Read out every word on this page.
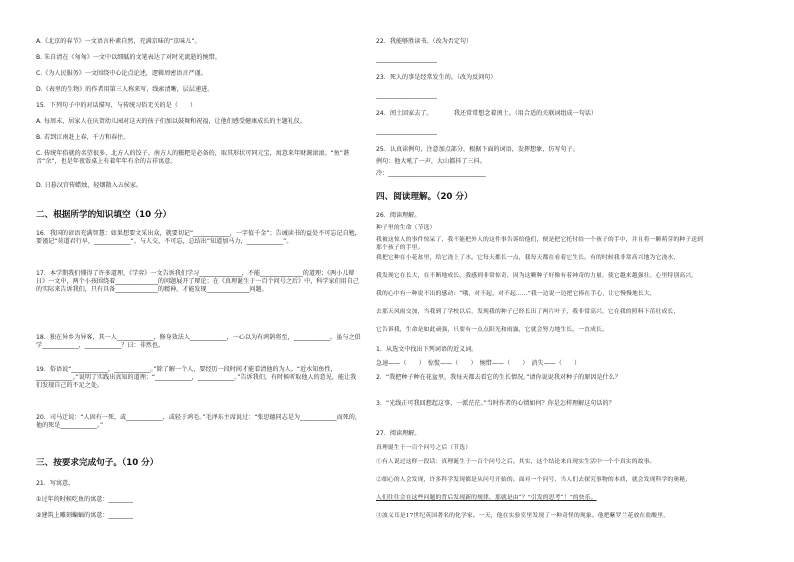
A.《北京的春节》一文语言朴素自然，充满京味的“京味儿”。
B. 朱自清在《匆匆》一文中以细腻的文笔表达了对时光流逝的惋惜。
C.《为人民服务》一文围绕中心论点论述，逻辑周密语言严谨。
D.《表里的生物》的作者用第三人称来写，线索清晰，层层递进。
15．下列句子中的对话描写，与传统习俗无关的是（　　）
A. 每周末，居家人在庆贺幼儿园对这天的孩子们加以鼓舞和祝福，让他们感受健康成长的主题礼仪。
B. 若到江南赶上春，千万和春住。
C. 传统年俗就的名望很多，北方人的饺子、南方人的糍粑是必备的，取其形状可同元宝，寓意来年财源滚滚。“鱼”谐音“余”，也是年夜饭桌上有着年年有余的吉祥寓意。
D. 日暮汉宫传蜡烛，轻烟散入五侯家。
二、根据所学的知识填空（10 分）
16．我国的谚语充满智慧：如果想要文采出众，就要切记“____________，一字值千金”；告诫读书的益处不可忘记自勉，要谨记“莫道君行早，____________”。与人交，不可忘，总结出“知道加马力，____________”。
17．本学期我们懂得了许多道理，《学弈》一文告诉我们学习______________，不能______________的道理；《两小儿辩日》一文中，两个小孩围绕着______________的问题展开了辩论；在《真理诞生于一百个问号之后》中，科学家们用自己的实际来告诉我们，只有具备______________的精神，才能发现______________问题。
18．独在异乡为异客，其一人____________，修身效法人____________，一心以为有鸿鹄将至，____________。虽与之俱学____________，____________？曰：非然也。
19．俗语说“____________，____________。”除了解一个人，要经历一段时间才能看清他的为人。“近水知鱼性，____________。”说明了实践出真知的道理；“____________，____________。”告诉我们，有时候听取他人的意见，能让我们发现自己的不足之处。
20．司马迁说：“人固有一死，或____________，或轻于鸿毛。”毛泽东主席说过：“张思德同志是为____________而死的，他的死是____________。”
三、按要求完成句子。（10 分）
21．写寓意。
①过年的时候吃鱼的寓意：________
②建筑上雕刻蝙蝠的寓意：________
22．我能够胜读书。（改为否定句）
____________________
23．死人的事是经常发生的。（改为反问句）
____________________
24．闰土回家去了。　　　　我还常常想念着闰土。（用合适的关联词组成一句话）
____________________
25．认真读例句，注意加点部分，根据下面的词语，发挥想象，仿写句子。
例句：他大吼了一声，大山都抖了三抖。
冷：________________________________
四、阅读理解。（20 分）
26．阅读理解。
种子里的生命（节选）
我被这惊人的事件惊呆了，我不能把外人的这件事告诉给他们，便是把它托付给一个孩子的手中，并且将一颗萌芽的种子送到那个孩子的手里。
我把它种在小花盆里，给它浇上了水。它每天都长一点，我每天都在看着它生长。有的时候我非常高兴地为它浇水，
我发现它在长大，在不断地成长。我感到非常惊奇，因为这颗种子好像有着神奇的力量，使它越来越强壮。心里特别高兴，
我的心中有一种说不出的感动：“哦，对不起，对不起……”我一边说一边把它捧在手心，让它慢慢地长大，
去那天风雨交加，当我到了学校以后，发现我的种子已经长出了两片叶子，我非常高兴，它在我的照料下茁壮成长，
它告诉我，生命是如此顽强，只要有一点点阳光和雨露，它就会努力地生长。一直成长。
1．从选文中找出下列词语的近义词。
急速——（　　）　惊慌——（　　）　惋惜——（　　）　消失——（　　）
2．“我把种子种在花盆里，我每天都去看它的生长情况。”请你说说我对种子的原因是什么？
3．“光线正可我回想起这事，一派茫茫。”当时作者的心情如何？你是怎样理解这句话的？
27．阅读理解。
真理诞生于一百个问号之后（节选）
①有人说过这样一段话：真理诞生于一百个问号之后。其实，这个结论来自现实生活中一个个真实的故事。
②细心的人会发现，许多科学发现都是从问号开始的。面对一个问号，当人们去探究事物的本质，就会发现科学的奥秘，
人们往往会在这些问题的背后发现新的规律，那就是由“？”引发的思考“！”的快乐。
③波义耳是17世纪英国著名的化学家。一天，他在实验室里发现了一种奇怪的现象。他把紫罗兰花放在盐酸里，
